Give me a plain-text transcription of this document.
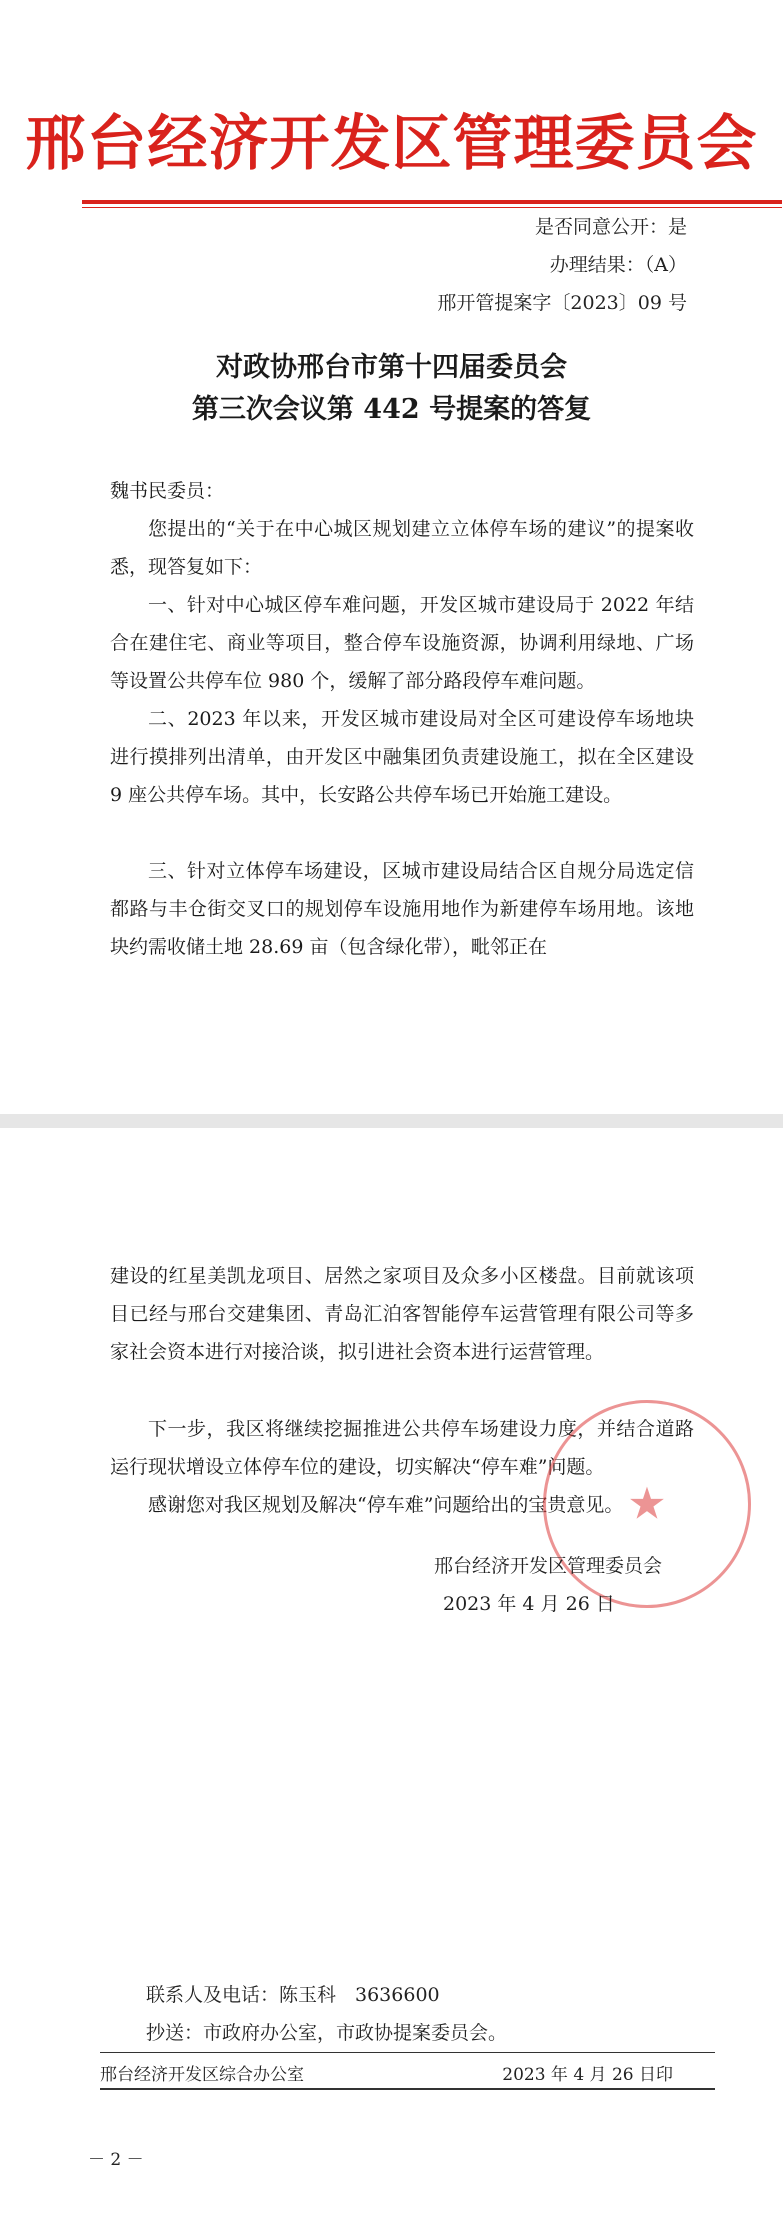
邢台经济开发区管理委员会
是否同意公开：是
办理结果：（A）
邢开管提案字〔2023〕09 号
对政协邢台市第十四届委员会
第三次会议第 442 号提案的答复
魏书民委员：
您提出的“关于在中心城区规划建立立体停车场的建议”的提案收悉，现答复如下：
一、针对中心城区停车难问题，开发区城市建设局于 2022 年结合在建住宅、商业等项目，整合停车设施资源，协调利用绿地、广场等设置公共停车位 980 个，缓解了部分路段停车难问题。
二、2023 年以来，开发区城市建设局对全区可建设停车场地块进行摸排列出清单，由开发区中融集团负责建设施工，拟在全区建设 9 座公共停车场。其中，长安路公共停车场已开始施工建设。
三、针对立体停车场建设，区城市建设局结合区自规分局选定信都路与丰仓街交叉口的规划停车设施用地作为新建停车场用地。该地块约需收储土地 28.69 亩（包含绿化带），毗邻正在
建设的红星美凯龙项目、居然之家项目及众多小区楼盘。目前就该项目已经与邢台交建集团、青岛汇泊客智能停车运营管理有限公司等多家社会资本进行对接洽谈，拟引进社会资本进行运营管理。
下一步，我区将继续挖掘推进公共停车场建设力度，并结合道路运行现状增设立体停车位的建设，切实解决“停车难”问题。
感谢您对我区规划及解决“停车难”问题给出的宝贵意见。 ★
邢台经济开发区管理委员会
2023 年 4 月 26 日
联系人及电话：陈玉科　3636600
抄送：市政府办公室，市政协提案委员会。
邢台经济开发区综合办公室	2023 年 4 月 26 日印
－ 2 －
